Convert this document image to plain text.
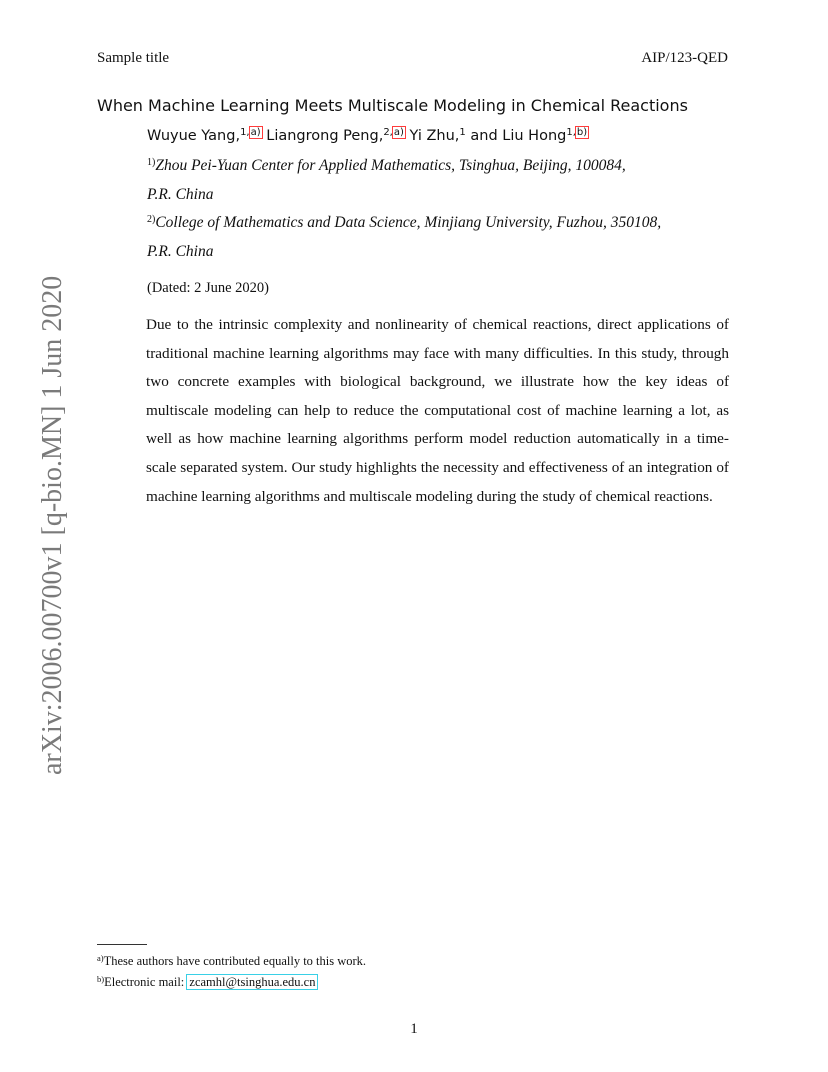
Sample title	AIP/123-QED
arXiv:2006.00700v1 [q-bio.MN] 1 Jun 2020
When Machine Learning Meets Multiscale Modeling in Chemical Reactions
Wuyue Yang,$^{1,a)}$ Liangrong Peng,$^{2,a)}$ Yi Zhu,$^1$ and Liu Hong$^{1,b)}$
$^{1)}$Zhou Pei-Yuan Center for Applied Mathematics, Tsinghua, Beijing, 100084,
P.R. China
$^{2)}$College of Mathematics and Data Science, Minjiang University, Fuzhou, 350108,
P.R. China
(Dated: 2 June 2020)

Due to the intrinsic complexity and nonlinearity of chemical reactions, direct applications of traditional machine learning algorithms may face with many difficulties. In this study, through two concrete examples with biological background, we illustrate how the key ideas of multiscale modeling can help to reduce the computational cost of machine learning a lot, as well as how machine learning algorithms perform model reduction automatically in a time-scale separated system. Our study highlights the necessity and effectiveness of an integration of machine learning algorithms and multiscale modeling during the study of chemical reactions.

$^{a)}$These authors have contributed equally to this work.
$^{b)}$Electronic mail: zcamhl@tsinghua.edu.cn
1
